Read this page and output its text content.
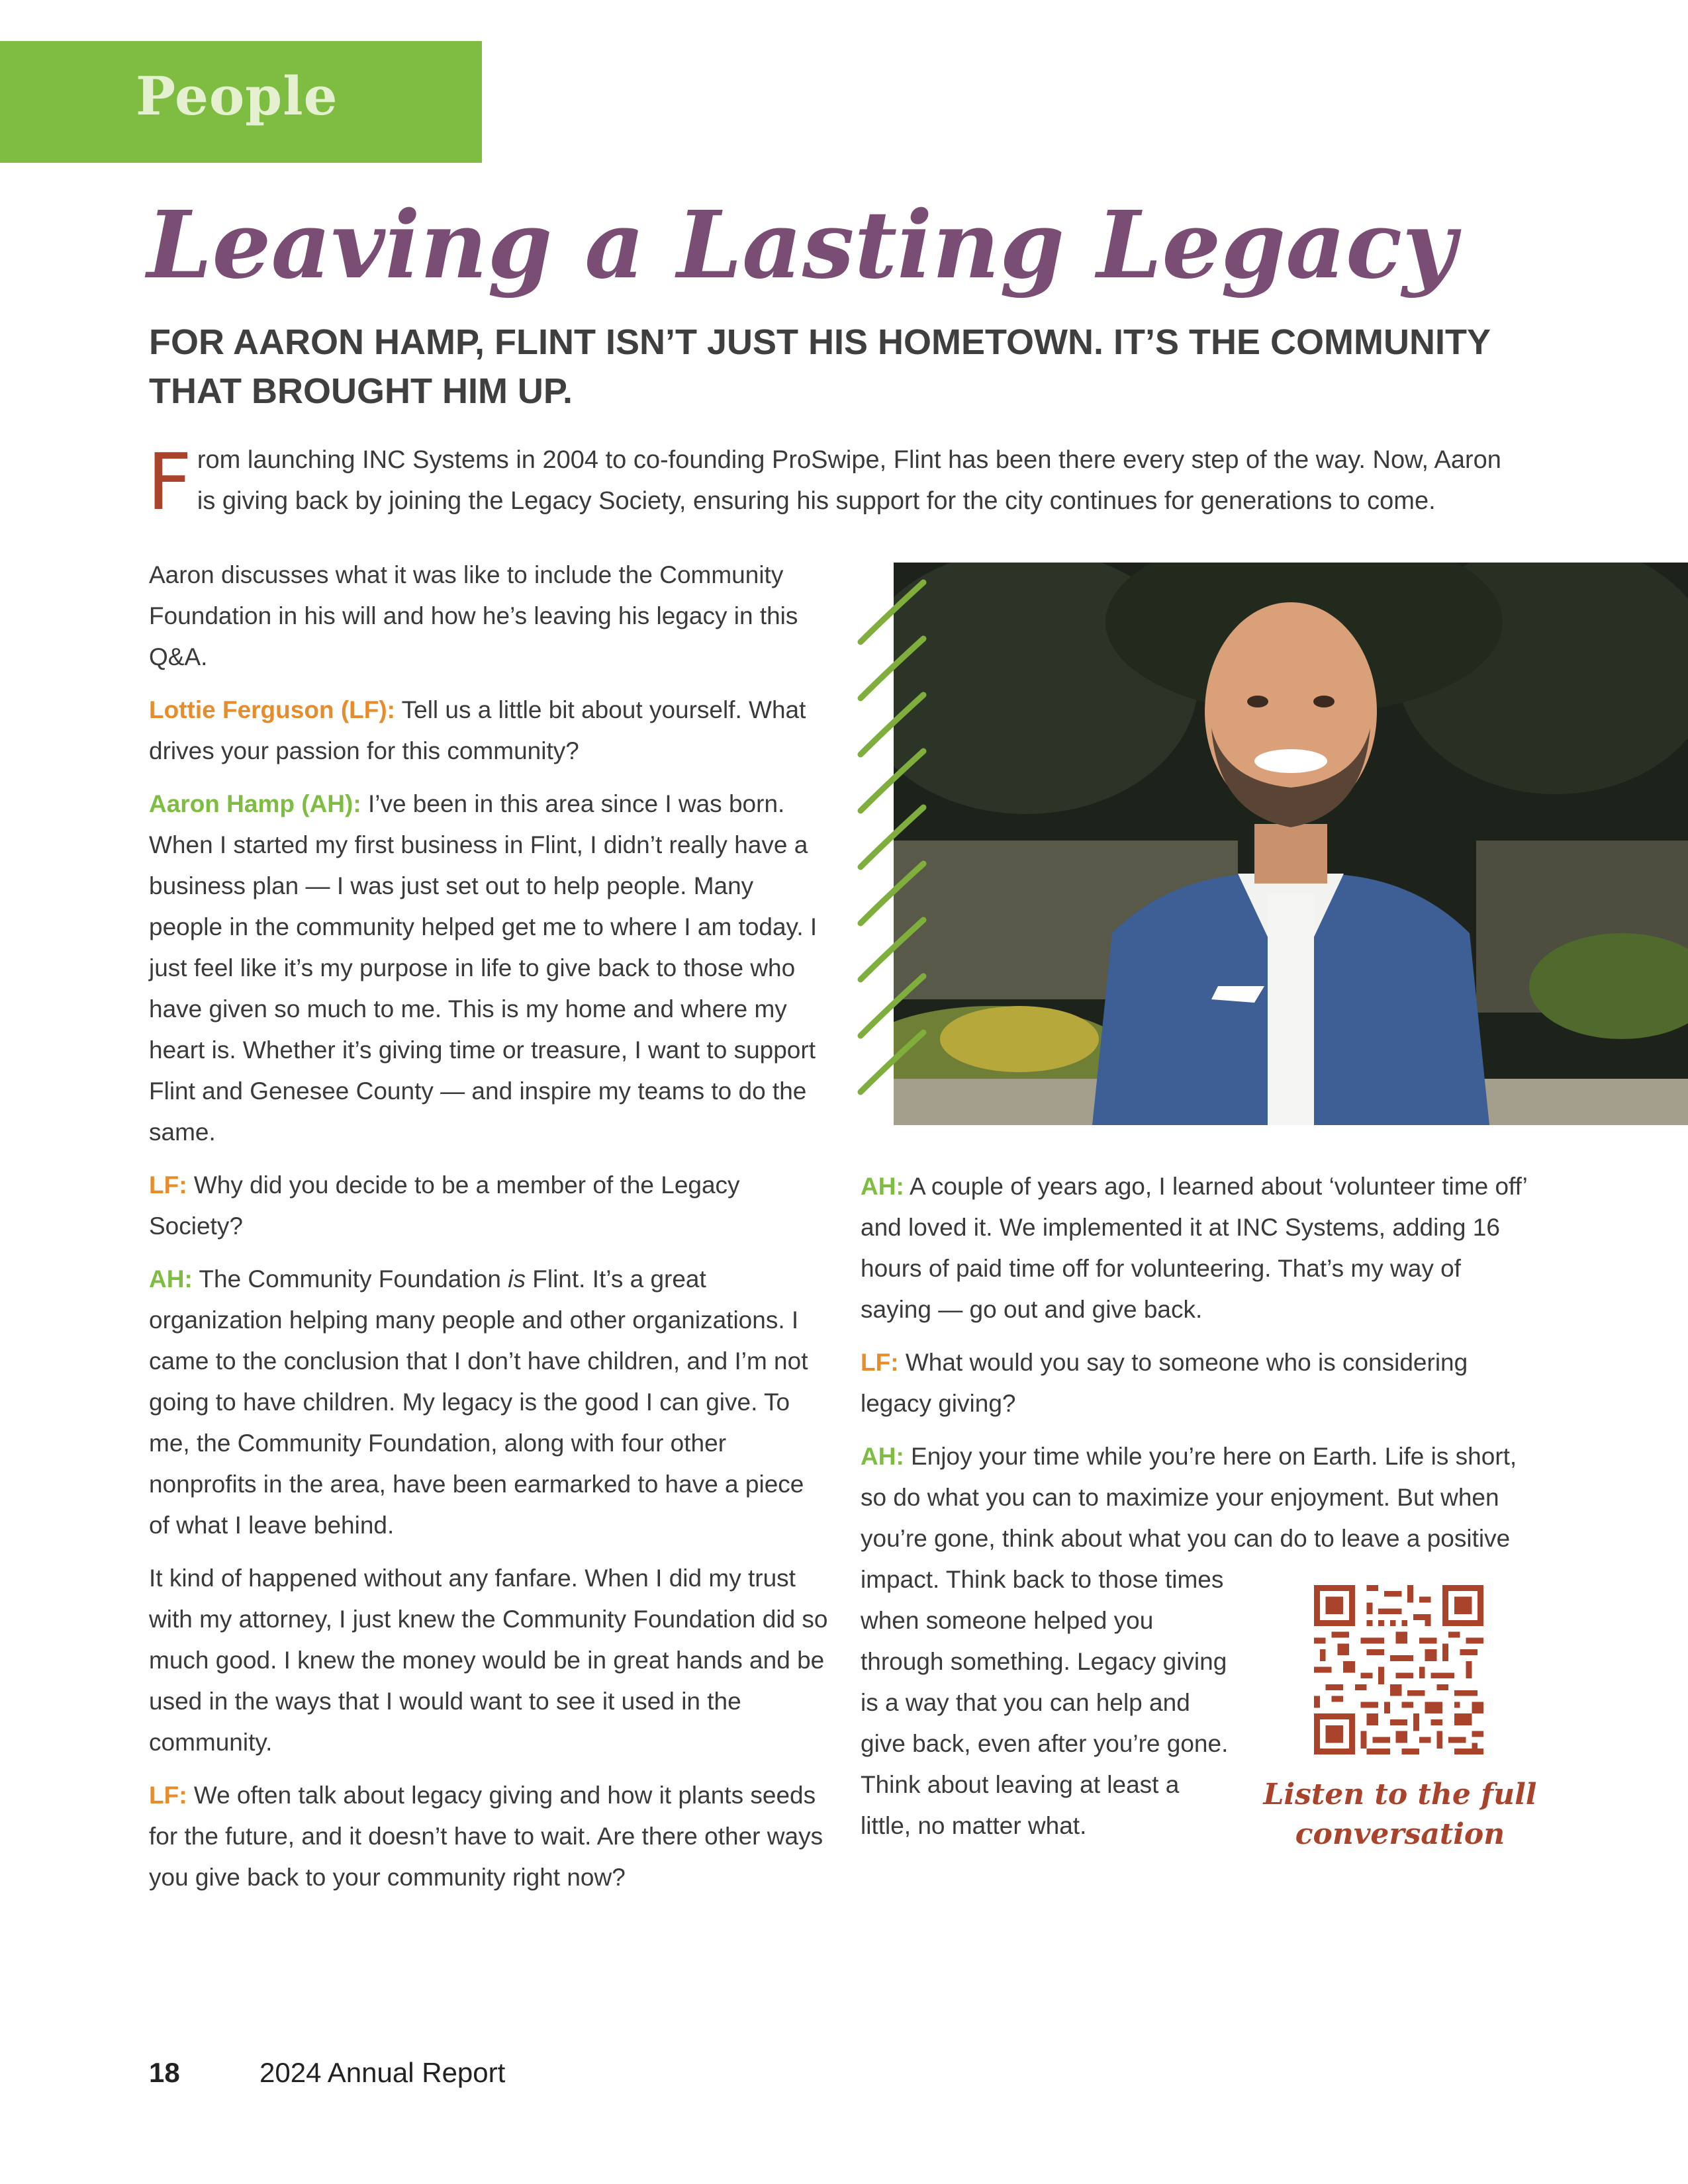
People
Leaving a Lasting Legacy
FOR AARON HAMP, FLINT ISN’T JUST HIS HOMETOWN. IT’S THE COMMUNITY THAT BROUGHT HIM UP.
From launching INC Systems in 2004 to co-founding ProSwipe, Flint has been there every step of the way. Now, Aaron is giving back by joining the Legacy Society, ensuring his support for the city continues for generations to come.

Aaron discusses what it was like to include the Community Foundation in his will and how he’s leaving his legacy in this Q&A.

Lottie Ferguson (LF): Tell us a little bit about yourself. What drives your passion for this community?

Aaron Hamp (AH): I’ve been in this area since I was born. When I started my first business in Flint, I didn’t really have a business plan — I was just set out to help people. Many people in the community helped get me to where I am today. I just feel like it’s my purpose in life to give back to those who have given so much to me. This is my home and where my heart is. Whether it’s giving time or treasure, I want to support Flint and Genesee County — and inspire my teams to do the same.

LF: Why did you decide to be a member of the Legacy Society?

AH: The Community Foundation is Flint. It’s a great organization helping many people and other organizations. I came to the conclusion that I don’t have children, and I’m not going to have children. My legacy is the good I can give. To me, the Community Foundation, along with four other nonprofits in the area, have been earmarked to have a piece of what I leave behind.

It kind of happened without any fanfare. When I did my trust with my attorney, I just knew the Community Foundation did so much good. I knew the money would be in great hands and be used in the ways that I would want to see it used in the community.

LF: We often talk about legacy giving and how it plants seeds for the future, and it doesn’t have to wait. Are there other ways you give back to your community right now?

AH: A couple of years ago, I learned about ‘volunteer time off’ and loved it. We implemented it at INC Systems, adding 16 hours of paid time off for volunteering. That’s my way of saying — go out and give back.

LF: What would you say to someone who is considering legacy giving?

AH: Enjoy your time while you’re here on Earth. Life is short, so do what you can to maximize your enjoyment. But when you’re gone, think about what you can do to leave a positive

impact. Think back to those times when someone helped you through something. Legacy giving is a way that you can help and give back, even after you’re gone. Think about leaving at least a little, no matter what.
Listen to the full conversation
18	2024 Annual Report
